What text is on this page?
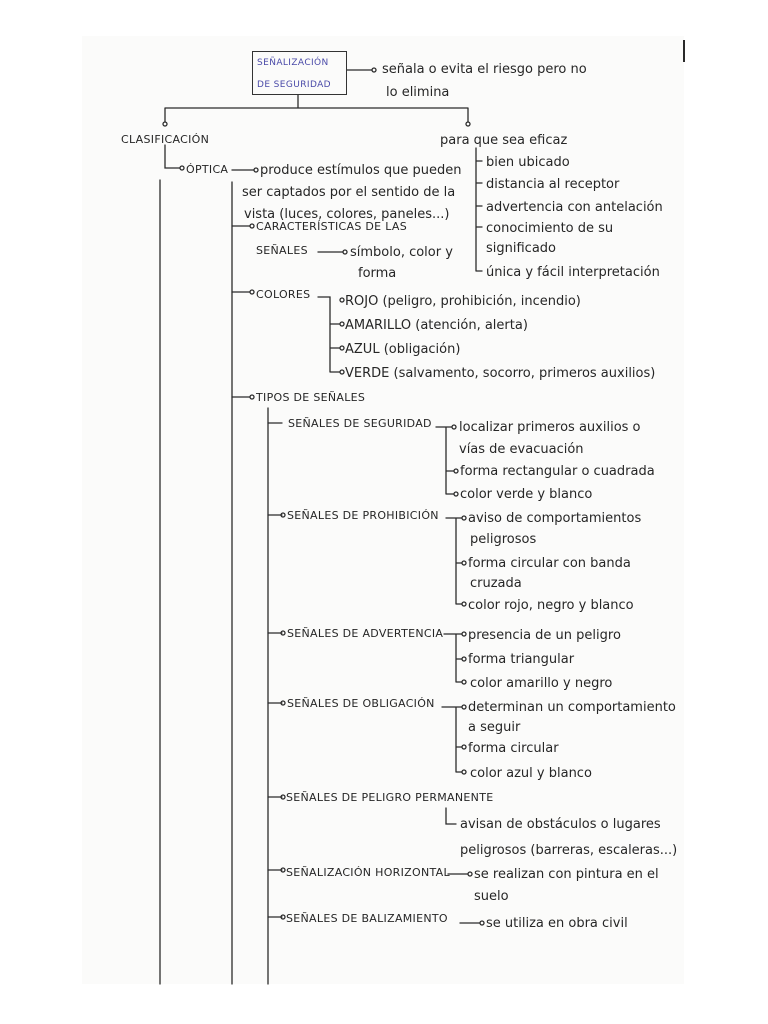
SEÑALIZACIÓN

DE SEGURIDAD

señala o evita el riesgo pero no

lo elimina

CLASIFICACIÓN

ÓPTICA produce estímulos que pueden

ser captados por el sentido de la

vista (luces, colores, paneles...)

CARACTERÍSTICAS DE LAS

SEÑALES	símbolo, color y

forma

COLORES	ROJO (peligro, prohibición, incendio)

AMARILLO (atención, alerta)

AZUL (obligación)

VERDE (salvamento, socorro, primeros auxilios)

TIPOS DE SEÑALES

SEÑALES DE SEGURIDAD localizar primeros auxilios o

vías de evacuación

forma rectangular o cuadrada

color verde y blanco

SEÑALES DE PROHIBICIÓN aviso de comportamientos

peligrosos

forma circular con banda

cruzada

color rojo, negro y blanco

SEÑALES DE ADVERTENCIA presencia de un peligro

forma triangular

color amarillo y negro

SEÑALES DE OBLIGACIÓN	determinan un comportamiento

a seguir

forma circular

color azul y blanco

SEÑALES DE PELIGRO PERMANENTE

avisan de obstáculos o lugares

peligrosos (barreras, escaleras...)

SEÑALIZACIÓN HORIZONTAL se realizan con pintura en el

suelo

SEÑALES DE BALIZAMIENTO	se utiliza en obra civil

para que sea eficaz

bien ubicado

distancia al receptor

advertencia con antelación

conocimiento de su

significado

única y fácil interpretación
